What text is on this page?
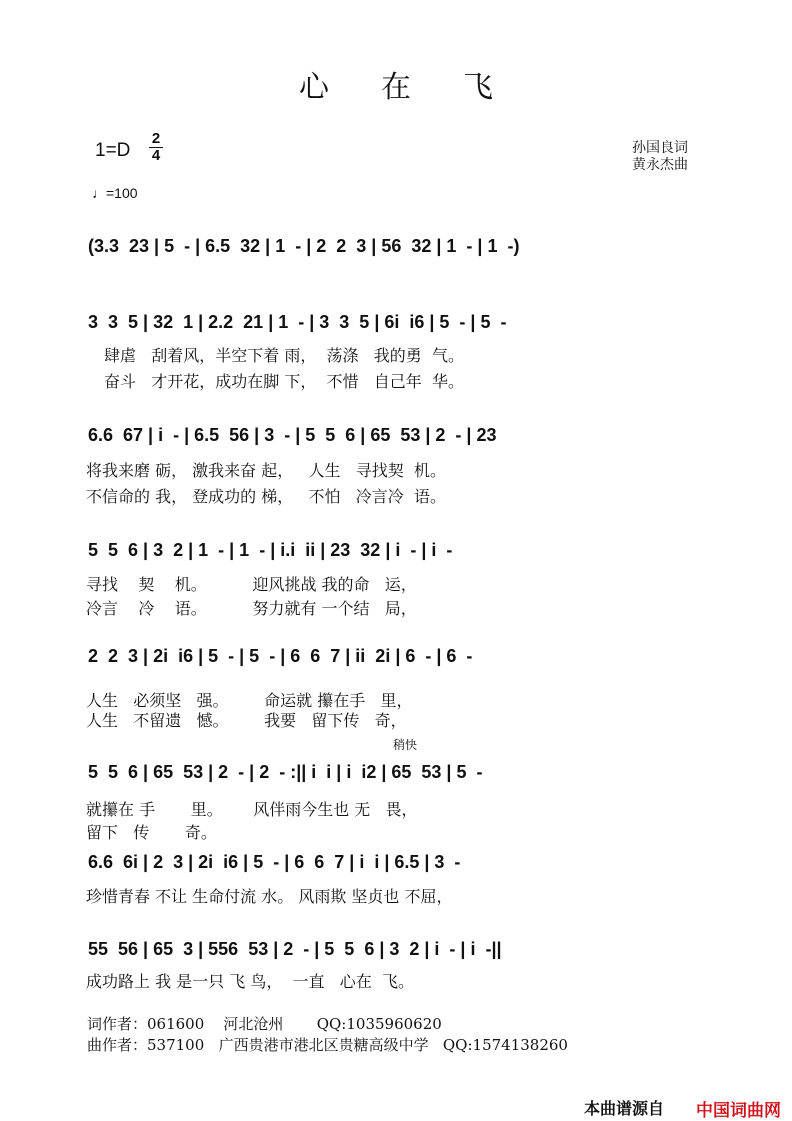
心在飞
1=D
2
4
♩=100
孙国良词
黄永杰曲
稍快
(3.3  23 | 5  - | 6.5  32 | 1  - | 2  2  3 | 56  32 | 1  - | 1  -)
3  3  5 | 32  1 | 2.2  21 | 1  - | 3  3  5 | 6i  i6 | 5  - | 5  -
肆虐   刮着风，半空下着 雨，  荡涤   我的勇  气。
奋斗   才开花，成功在脚 下，  不惜   自己年  华。
6.6  67 | i  - | 6.5  56 | 3  - | 5  5  6 | 65  53 | 2  - | 23
将我来磨 砺， 激我来奋 起，   人生   寻找契  机。
不信命的 我， 登成功的 梯，   不怕   冷言冷  语。
5  5  6 | 3  2 | 1  - | 1  - | i.i  ii | 23  32 | i  - | i  -
寻找    契    机。         迎风挑战 我的命   运，
冷言    冷    语。         努力就有 一个结   局，
2  2  3 | 2i  i6 | 5  - | 5  - | 6  6  7 | ii  2i | 6  - | 6  -
人生   必须坚   强。       命运就 攥在手   里，
人生   不留遗   憾。       我要   留下传   奇，
5  5  6 | 65  53 | 2  - | 2  - :|| i  i | i  i2 | 65  53 | 5  -
就攥在 手       里。      风伴雨今生也 无   畏，
留下   传       奇。
6.6  6i | 2  3 | 2i  i6 | 5  - | 6  6  7 | i  i | 6.5 | 3  -
珍惜青春 不让 生命付流 水。 风雨欺 坚贞也 不屈，
55  56 | 65  3 | 556  53 | 2  - | 5  5  6 | 3  2 | i  - | i  -||
成功路上 我 是一只 飞 鸟，  一直   心在  飞。
词作者：061600    河北沧州       QQ:1035960620
曲作者：537100   广西贵港市港北区贵糖高级中学   QQ:1574138260
本曲谱源自 中国词曲网
